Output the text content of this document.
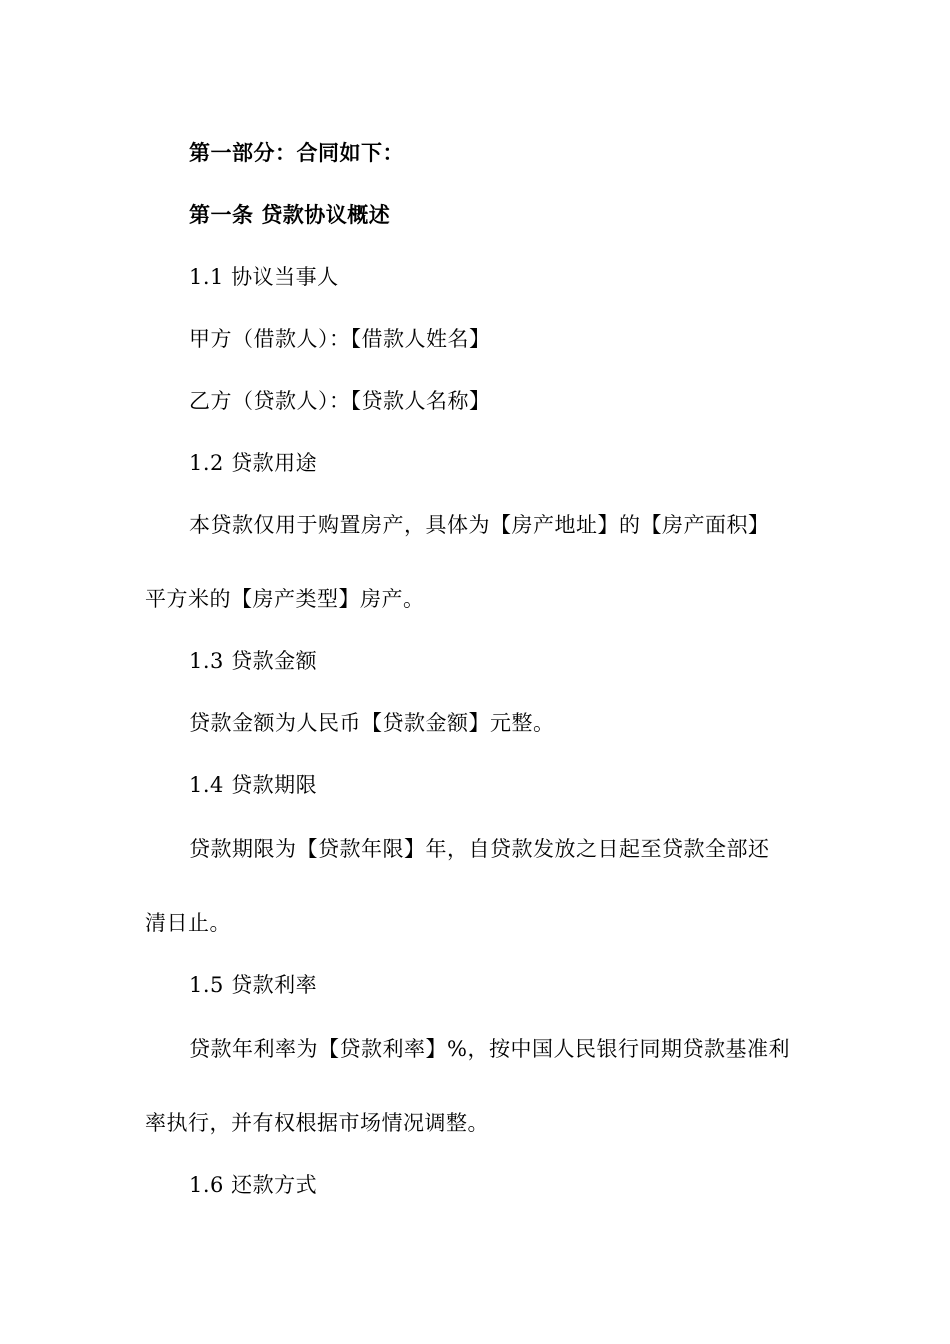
第一部分：合同如下：
第一条 贷款协议概述
1.1 协议当事人
甲方（借款人）：【借款人姓名】
乙方（贷款人）：【贷款人名称】
1.2 贷款用途
本贷款仅用于购置房产，具体为【房产地址】的【房产面积】
平方米的【房产类型】房产。
1.3 贷款金额
贷款金额为人民币【贷款金额】元整。
1.4 贷款期限
贷款期限为【贷款年限】年，自贷款发放之日起至贷款全部还
清日止。
1.5 贷款利率
贷款年利率为【贷款利率】%，按中国人民银行同期贷款基准利
率执行，并有权根据市场情况调整。
1.6 还款方式
